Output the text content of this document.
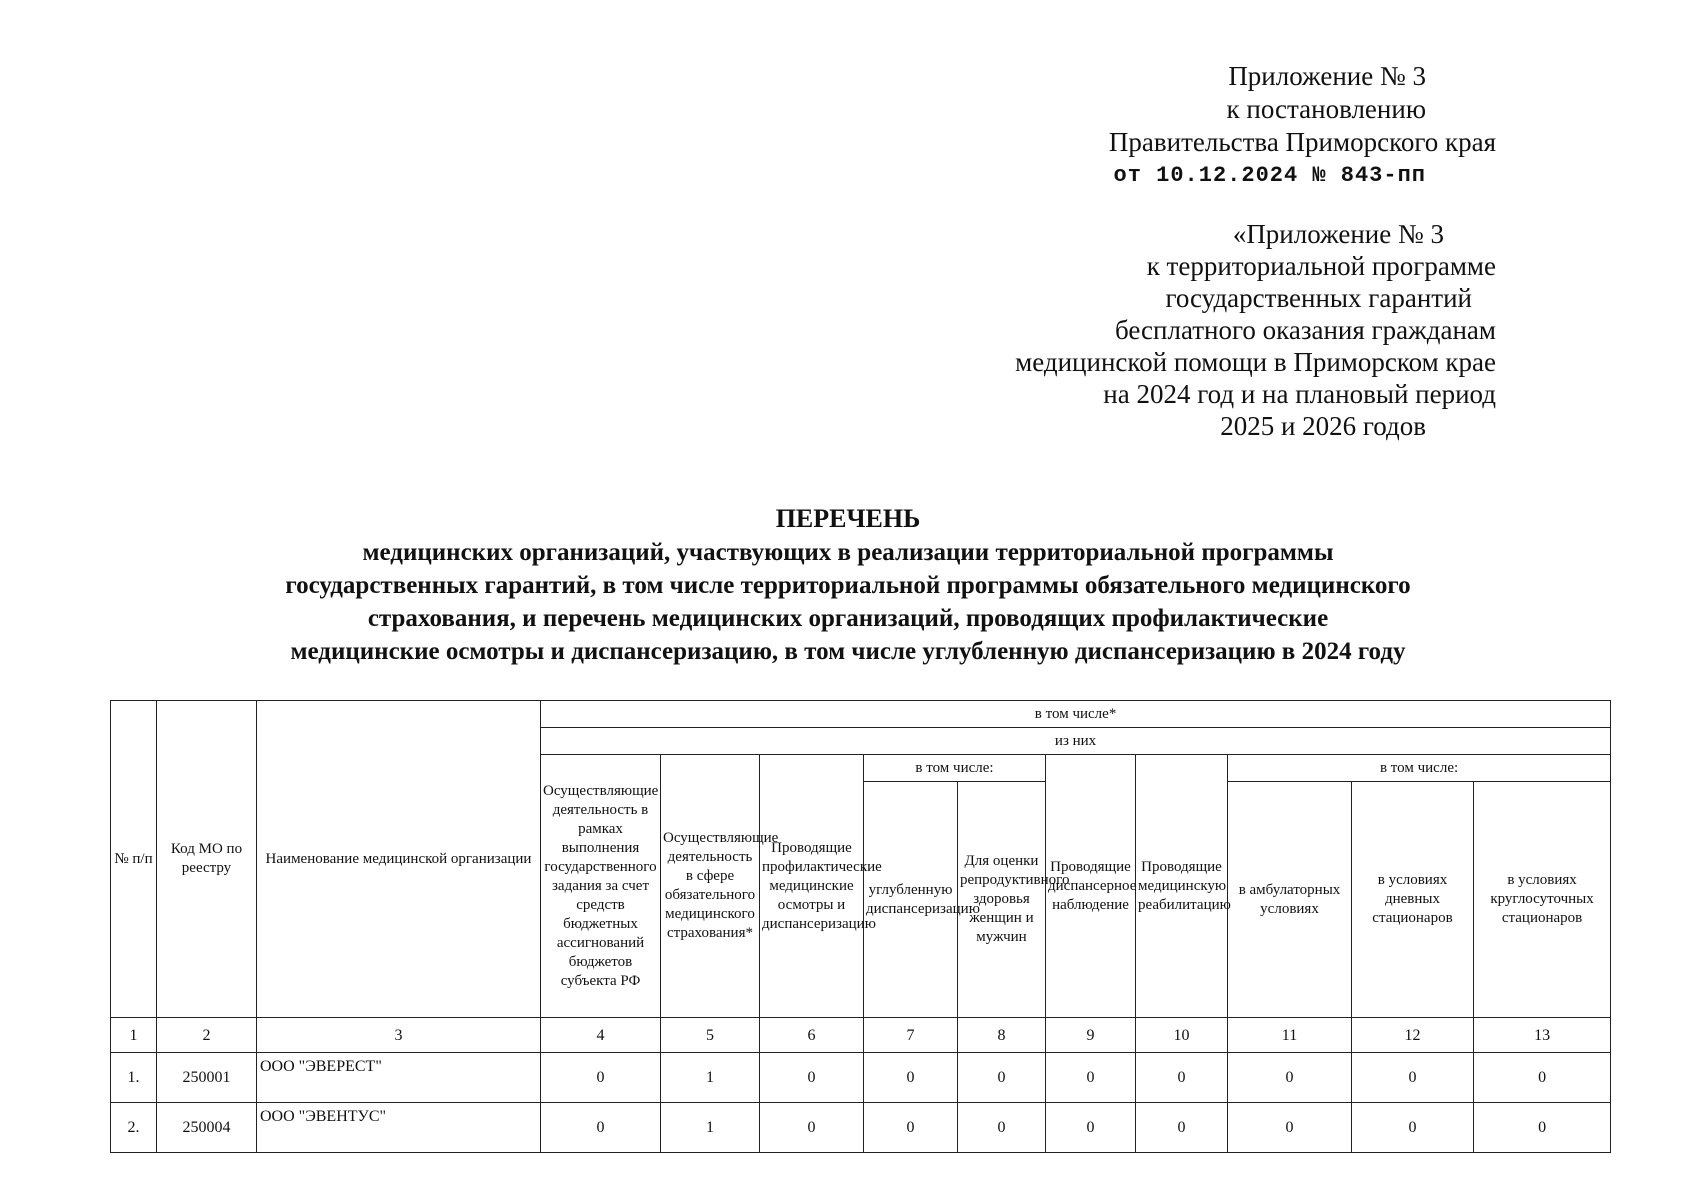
Приложение № 3
к постановлению
Правительства Приморского края
от 10.12.2024 № 843-пп
«Приложение № 3
к территориальной программе
государственных гарантий
бесплатного оказания гражданам
медицинской помощи в Приморском крае
на 2024 год и на плановый период
2025 и 2026 годов
ПЕРЕЧЕНЬ
медицинских организаций, участвующих в реализации территориальной программы
государственных гарантий, в том числе территориальной программы обязательного медицинского
страхования, и перечень медицинских организаций, проводящих профилактические
медицинские осмотры и диспансеризацию, в том числе углубленную диспансеризацию в 2024 году
№ п/п	Код МО по реестру	Наименование медицинской организации	в том числе*									
			из них									
			Осуществляющие деятельность в рамках выполнения государственного задания за счет средств бюджетных ассигнований бюджетов субъекта РФ	Осуществляющие деятельность в сфере обязательного медицинского страхования*	Проводящие профилактические медицинские осмотры и диспансеризацию	в том числе:		Проводящие диспансерное наблюдение	Проводящие медицинскую реабилитацию	в том числе:		
						углубленную диспансеризацию	Для оценки репродуктивного здоровья женщин и мужчин			в амбулаторных условиях	в условиях дневных стационаров	в условиях круглосуточных стационаров
1	2	3	4	5	6	7	8	9	10	11	12	13
1.	250001	ООО "ЭВЕРЕСТ"	0	1	0	0	0	0	0	0	0	0
2.	250004	ООО "ЭВЕНТУС"	0	1	0	0	0	0	0	0	0	0
